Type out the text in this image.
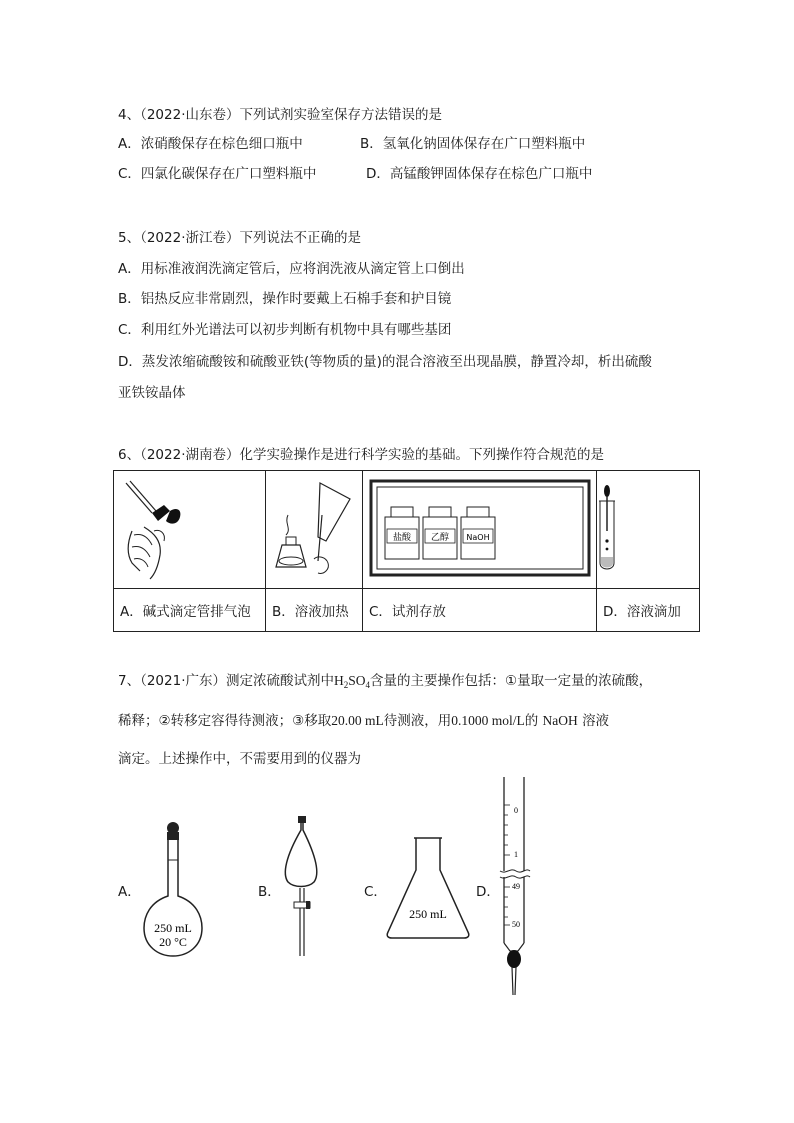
4、（2022·山东卷）下列试剂实验室保存方法错误的是
A．浓硝酸保存在棕色细口瓶中	B．氢氧化钠固体保存在广口塑料瓶中
C．四氯化碳保存在广口塑料瓶中	D．高锰酸钾固体保存在棕色广口瓶中
5、（2022·浙江卷）下列说法不正确的是
A．用标准液润洗滴定管后，应将润洗液从滴定管上口倒出
B．铝热反应非常剧烈，操作时要戴上石棉手套和护目镜
C．利用红外光谱法可以初步判断有机物中具有哪些基团
D．蒸发浓缩硫酸铵和硫酸亚铁(等物质的量)的混合溶液至出现晶膜，静置冷却，析出硫酸
亚铁铵晶体
6、（2022·湖南卷）化学实验操作是进行科学实验的基础。下列操作符合规范的是

盐酸 乙醇 NaOH

A．碱式滴定管排气泡	B．溶液加热	C．试剂存放	D．溶液滴加
7、（2021·广东）测定浓硫酸试剂中$H_2SO_4$含量的主要操作包括：①量取一定量的浓硫酸，
稀释；②转移定容得待测液；③移取20.00 mL待测液，用0.1000 mol/L的 NaOH 溶液
滴定。上述操作中，不需要用到的仪器为
A．
250 mL
20 °C
B．	C．
250 mL
D．
0
1
49
50
